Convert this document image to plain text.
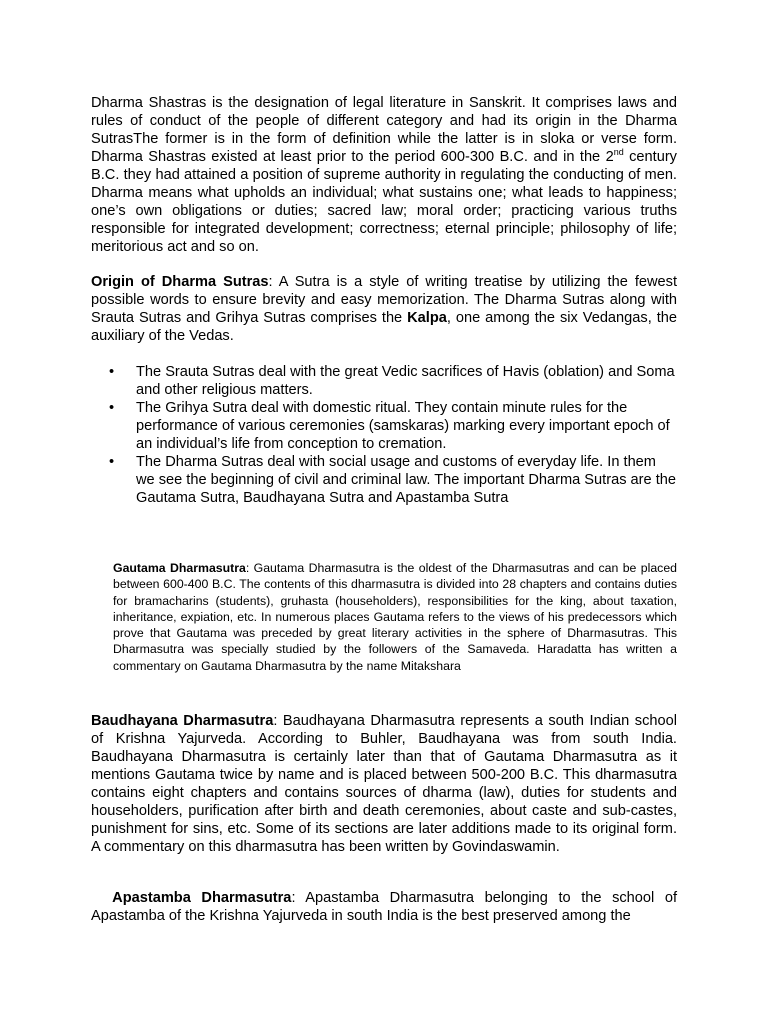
Dharma Shastras is the designation of legal literature in Sanskrit. It comprises laws and rules of conduct of the people of different category and had its origin in the Dharma SutrasThe former is in the form of definition while the latter is in sloka or verse form. Dharma Shastras existed at least prior to the period 600-300 B.C. and in the 2nd century B.C. they had attained a position of supreme authority in regulating the conducting of men. Dharma means what upholds an individual; what sustains one; what leads to happiness; one’s own obligations or duties; sacred law; moral order; practicing various truths responsible for integrated development; correctness; eternal principle; philosophy of life; meritorious act and so on.

Origin of Dharma Sutras: A Sutra is a style of writing treatise by utilizing the fewest possible words to ensure brevity and easy memorization. The Dharma Sutras along with Srauta Sutras and Grihya Sutras comprises the Kalpa, one among the six Vedangas, the auxiliary of the Vedas.

• The Srauta Sutras deal with the great Vedic sacrifices of Havis (oblation) and Soma and other religious matters.
• The Grihya Sutra deal with domestic ritual. They contain minute rules for the performance of various ceremonies (samskaras) marking every important epoch of an individual’s life from conception to cremation.
• The Dharma Sutras deal with social usage and customs of everyday life. In them we see the beginning of civil and criminal law. The important Dharma Sutras are the Gautama Sutra, Baudhayana Sutra and Apastamba Sutra

Gautama Dharmasutra: Gautama Dharmasutra is the oldest of the Dharmasutras and can be placed between 600-400 B.C. The contents of this dharmasutra is divided into 28 chapters and contains duties for bramacharins (students), gruhasta (householders), responsibilities for the king, about taxation, inheritance, expiation, etc. In numerous places Gautama refers to the views of his predecessors which prove that Gautama was preceded by great literary activities in the sphere of Dharmasutras. This Dharmasutra was specially studied by the followers of the Samaveda. Haradatta has written a commentary on Gautama Dharmasutra by the name Mitakshara

Baudhayana Dharmasutra: Baudhayana Dharmasutra represents a south Indian school of Krishna Yajurveda. According to Buhler, Baudhayana was from south India. Baudhayana Dharmasutra is certainly later than that of Gautama Dharmasutra as it mentions Gautama twice by name and is placed between 500-200 B.C. This dharmasutra contains eight chapters and contains sources of dharma (law), duties for students and householders, purification after birth and death ceremonies, about caste and sub-castes, punishment for sins, etc. Some of its sections are later additions made to its original form. A commentary on this dharmasutra has been written by Govindaswamin.

Apastamba Dharmasutra: Apastamba Dharmasutra belonging to the school of Apastamba of the Krishna Yajurveda in south India is the best preserved among the
